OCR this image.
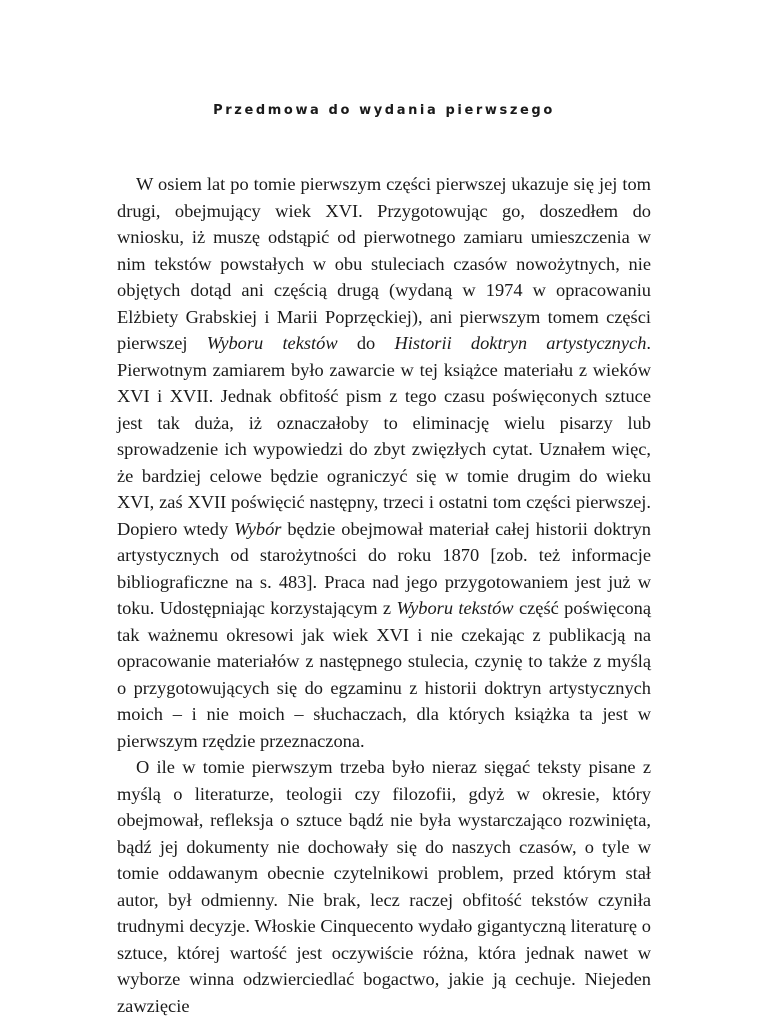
Przedmowa do wydania pierwszego

W osiem lat po tomie pierwszym części pierwszej ukazuje się jej tom drugi, obejmujący wiek XVI. Przygotowując go, doszedłem do wniosku, iż muszę odstąpić od pierwotnego zamiaru umieszczenia w nim tekstów powstałych w obu stuleciach czasów nowożytnych, nie objętych dotąd ani częścią drugą (wydaną w 1974 w opracowaniu Elżbiety Grabskiej i Marii Poprzęckiej), ani pierwszym tomem części pierwszej Wyboru tekstów do Historii doktryn artystycznych. Pierwotnym zamiarem było zawarcie w tej książce materiału z wieków XVI i XVII. Jednak obfitość pism z tego czasu poświęconych sztuce jest tak duża, iż oznaczałoby to eliminację wielu pisarzy lub sprowadzenie ich wypowiedzi do zbyt zwięzłych cytat. Uznałem więc, że bardziej celowe będzie ograniczyć się w tomie drugim do wieku XVI, zaś XVII poświęcić następny, trzeci i ostatni tom części pierwszej. Dopiero wtedy Wybór będzie obejmował materiał całej historii doktryn artystycznych od starożytności do roku 1870 [zob. też informacje bibliograficzne na s. 483]. Praca nad jego przygotowaniem jest już w toku. Udostępniając korzystającym z Wyboru tekstów część poświęconą tak ważnemu okresowi jak wiek XVI i nie czekając z publikacją na opracowanie materiałów z następnego stulecia, czynię to także z myślą o przygotowujących się do egzaminu z historii doktryn artystycznych moich – i nie moich – słuchaczach, dla których książka ta jest w pierwszym rzędzie przeznaczona.

O ile w tomie pierwszym trzeba było nieraz sięgać teksty pisane z myślą o literaturze, teologii czy filozofii, gdyż w okresie, który obejmował, refleksja o sztuce bądź nie była wystarczająco rozwinięta, bądź jej dokumenty nie dochowały się do naszych czasów, o tyle w tomie oddawanym obecnie czytelnikowi problem, przed którym stał autor, był odmienny. Nie brak, lecz raczej obfitość tekstów czyniła trudnymi decyzje. Włoskie Cinquecento wydało gigantyczną literaturę o sztuce, której wartość jest oczywiście różna, która jednak nawet w wyborze winna odzwierciedlać bogactwo, jakie ją cechuje. Niejeden zawzięcie
